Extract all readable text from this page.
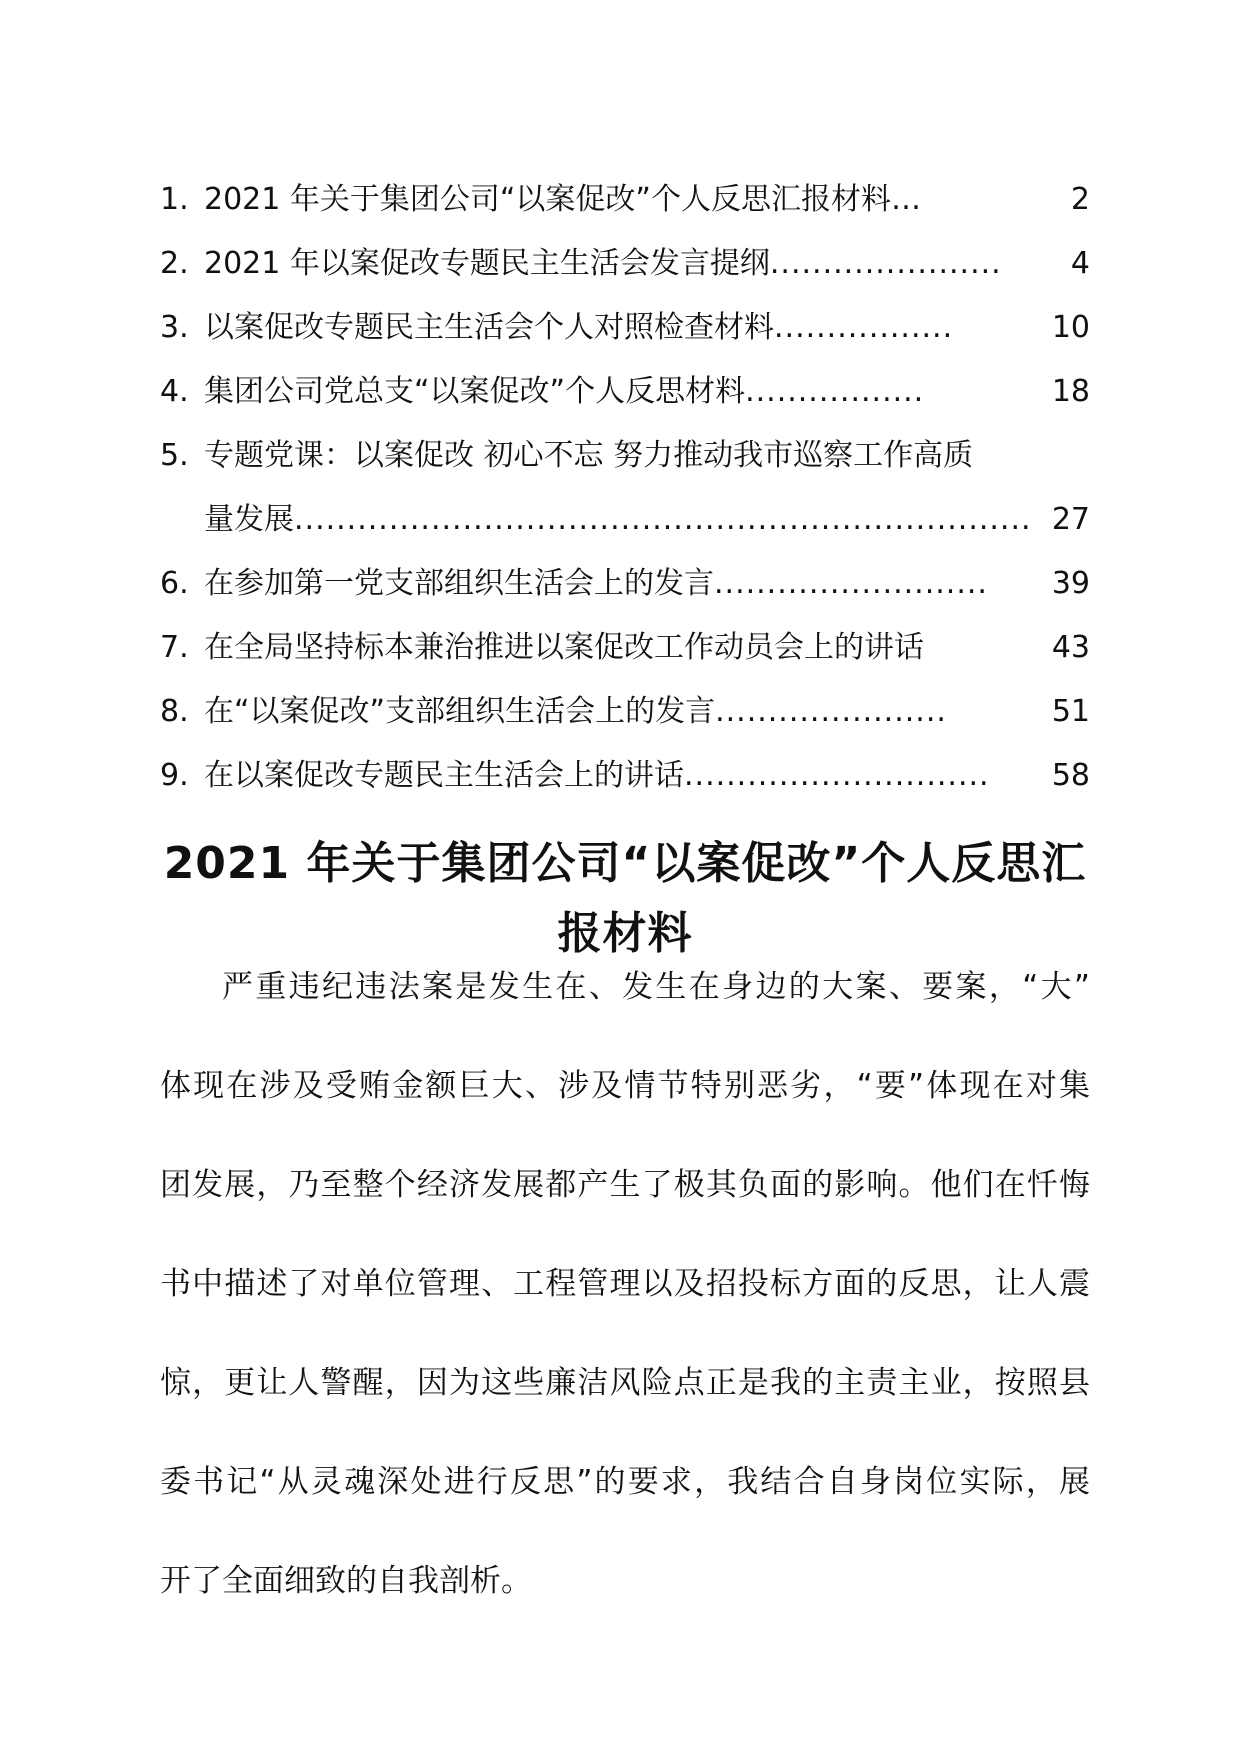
1. 2021 年关于集团公司“以案促改”个人反思汇报材料 …	2
2. 2021 年以案促改专题民主生活会发言提纲 ......................	4
3. 以案促改专题民主生活会个人对照检查材料 .................	10
4. 集团公司党总支“以案促改”个人反思材料 .................	18
5. 专题党课：以案促改 初心不忘 努力推动我市巡察工作高质
量发展 ...................................................................... 27
6. 在参加第一党支部组织生活会上的发言 ..........................	39
7. 在全局坚持标本兼治推进以案促改工作动员会上的讲话	43
8. 在“以案促改”支部组织生活会上的发言 ......................	51
9. 在以案促改专题民主生活会上的讲话 .............................	58
2021 年关于集团公司“以案促改”个人反思汇
报材料
严重违纪违法案是发生在、发生在身边的大案、要案，“大”
体现在涉及受贿金额巨大、涉及情节特别恶劣，“要”体现在对集
团发展，乃至整个经济发展都产生了极其负面的影响。他们在忏悔
书中描述了对单位管理、工程管理以及招投标方面的反思，让人震
惊，更让人警醒，因为这些廉洁风险点正是我的主责主业，按照县
委书记“从灵魂深处进行反思”的要求，我结合自身岗位实际，展
开了全面细致的自我剖析。
